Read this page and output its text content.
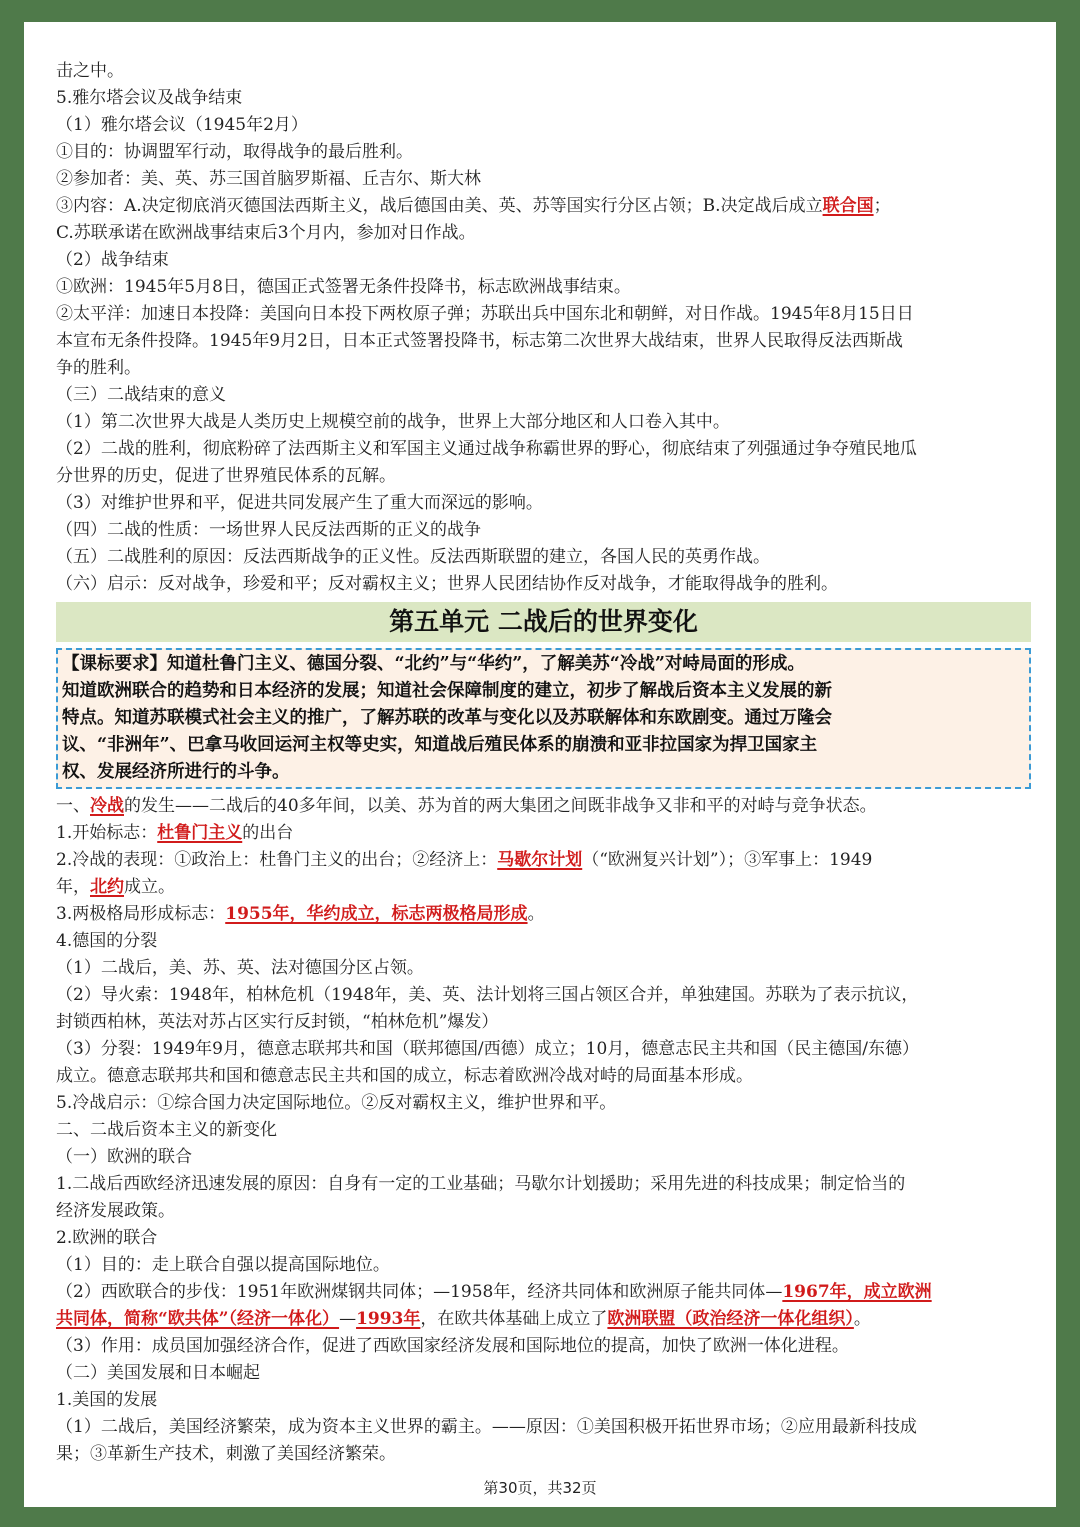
击之中。
5.雅尔塔会议及战争结束
（1）雅尔塔会议（1945年2月）
①目的：协调盟军行动，取得战争的最后胜利。
②参加者：美、英、苏三国首脑罗斯福、丘吉尔、斯大林
③内容：A.决定彻底消灭德国法西斯主义，战后德国由美、英、苏等国实行分区占领；B.决定战后成立联合国；
C.苏联承诺在欧洲战事结束后3个月内，参加对日作战。
（2）战争结束
①欧洲：1945年5月8日，德国正式签署无条件投降书，标志欧洲战事结束。
②太平洋：加速日本投降：美国向日本投下两枚原子弹；苏联出兵中国东北和朝鲜，对日作战。1945年8月15日日
本宣布无条件投降。1945年9月2日，日本正式签署投降书，标志第二次世界大战结束，世界人民取得反法西斯战
争的胜利。
（三）二战结束的意义
（1）第二次世界大战是人类历史上规模空前的战争，世界上大部分地区和人口卷入其中。
（2）二战的胜利，彻底粉碎了法西斯主义和军国主义通过战争称霸世界的野心，彻底结束了列强通过争夺殖民地瓜
分世界的历史，促进了世界殖民体系的瓦解。
（3）对维护世界和平，促进共同发展产生了重大而深远的影响。
（四）二战的性质：一场世界人民反法西斯的正义的战争
（五）二战胜利的原因：反法西斯战争的正义性。反法西斯联盟的建立，各国人民的英勇作战。
（六）启示：反对战争，珍爱和平；反对霸权主义；世界人民团结协作反对战争，才能取得战争的胜利。
第五单元 二战后的世界变化
【课标要求】知道杜鲁门主义、德国分裂、“北约”与“华约”，了解美苏“冷战”对峙局面的形成。
知道欧洲联合的趋势和日本经济的发展；知道社会保障制度的建立，初步了解战后资本主义发展的新
特点。知道苏联模式社会主义的推广，了解苏联的改革与变化以及苏联解体和东欧剧变。通过万隆会
议、“非洲年”、巴拿马收回运河主权等史实，知道战后殖民体系的崩溃和亚非拉国家为捍卫国家主
权、发展经济所进行的斗争。
一、冷战的发生——二战后的40多年间，以美、苏为首的两大集团之间既非战争又非和平的对峙与竞争状态。
1.开始标志：杜鲁门主义的出台
2.冷战的表现：①政治上：杜鲁门主义的出台；②经济上：马歇尔计划（“欧洲复兴计划”）；③军事上：1949
年，北约成立。
3.两极格局形成标志：1955年，华约成立，标志两极格局形成。
4.德国的分裂
（1）二战后，美、苏、英、法对德国分区占领。
（2）导火索：1948年，柏林危机（1948年，美、英、法计划将三国占领区合并，单独建国。苏联为了表示抗议，
封锁西柏林，英法对苏占区实行反封锁，“柏林危机”爆发）
（3）分裂：1949年9月，德意志联邦共和国（联邦德国/西德）成立；10月，德意志民主共和国（民主德国/东德）
成立。德意志联邦共和国和德意志民主共和国的成立，标志着欧洲冷战对峙的局面基本形成。
5.冷战启示：①综合国力决定国际地位。②反对霸权主义，维护世界和平。
二、二战后资本主义的新变化
（一）欧洲的联合
1.二战后西欧经济迅速发展的原因：自身有一定的工业基础；马歇尔计划援助；采用先进的科技成果；制定恰当的
经济发展政策。
2.欧洲的联合
（1）目的：走上联合自强以提高国际地位。
（2）西欧联合的步伐：1951年欧洲煤钢共同体；—1958年，经济共同体和欧洲原子能共同体—1967年，成立欧洲
共同体，简称“欧共体”（经济一体化）—1993年，在欧共体基础上成立了欧洲联盟（政治经济一体化组织）。
（3）作用：成员国加强经济合作，促进了西欧国家经济发展和国际地位的提高，加快了欧洲一体化进程。
（二）美国发展和日本崛起
1.美国的发展
（1）二战后，美国经济繁荣，成为资本主义世界的霸主。——原因：①美国积极开拓世界市场；②应用最新科技成
果；③革新生产技术，刺激了美国经济繁荣。
第30页，共32页
